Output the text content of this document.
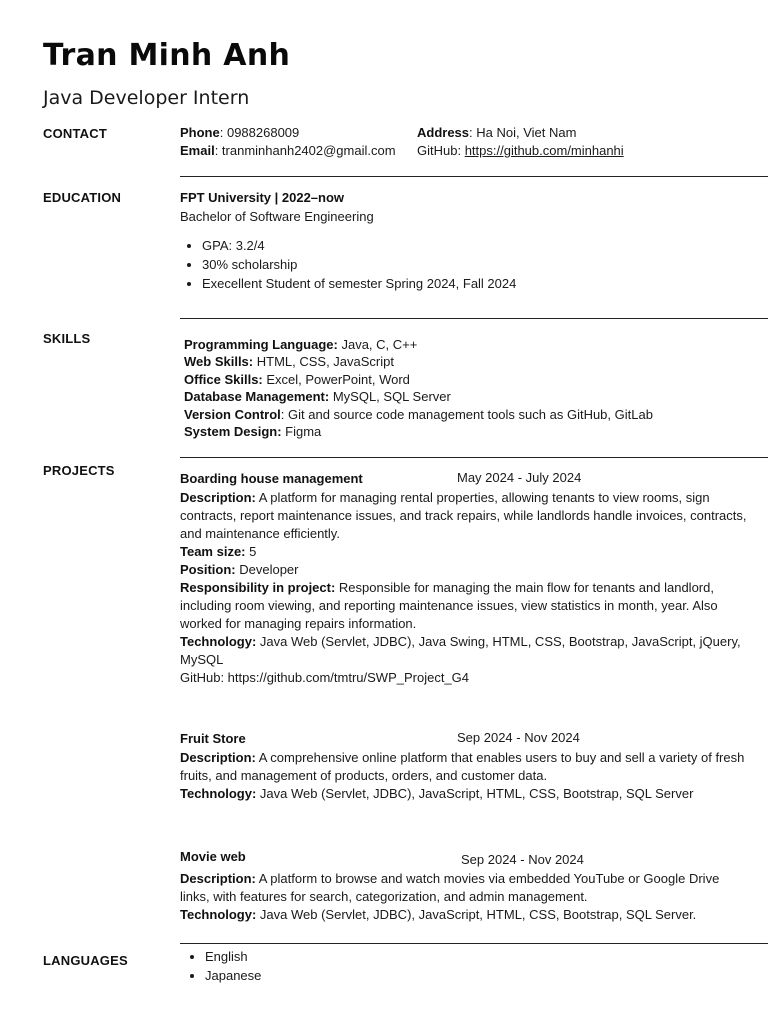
Tran Minh Anh
Java Developer Intern
CONTACT	Phone: 0988268009
Email: tranminhanh2402@gmail.com
Address: Ha Noi, Viet Nam
GitHub: https://github.com/minhanhi
EDUCATION	FPT University | 2022–now
Bachelor of Software Engineering
• GPA: 3.2/4
• 30% scholarship
• Execellent Student of semester Spring 2024, Fall 2024
SKILLS	Programming Language: Java, C, C++
Web Skills: HTML, CSS, JavaScript
Office Skills: Excel, PowerPoint, Word
Database Management: MySQL, SQL Server
Version Control: Git and source code management tools such as GitHub, GitLab
System Design: Figma
PROJECTS
Boarding house management	May 2024 - July 2024
Description: A platform for managing rental properties, allowing tenants to view rooms, sign contracts, report maintenance issues, and track repairs, while landlords handle invoices, contracts, and maintenance efficiently.
Team size: 5
Position: Developer
Responsibility in project: Responsible for managing the main flow for tenants and landlord, including room viewing, and reporting maintenance issues, view statistics in month, year. Also worked for managing repairs information.
Technology: Java Web (Servlet, JDBC), Java Swing, HTML, CSS, Bootstrap, JavaScript, jQuery, MySQL
GitHub: https://github.com/tmtru/SWP_Project_G4
Fruit Store	Sep 2024 - Nov 2024
Description: A comprehensive online platform that enables users to buy and sell a variety of fresh fruits, and management of products, orders, and customer data.
Technology: Java Web (Servlet, JDBC), JavaScript, HTML, CSS, Bootstrap, SQL Server
Movie web	Sep 2024 - Nov 2024
Description: A platform to browse and watch movies via embedded YouTube or Google Drive links, with features for search, categorization, and admin management.
Technology: Java Web (Servlet, JDBC), JavaScript, HTML, CSS, Bootstrap, SQL Server.
LANGUAGES
•	English
• Japanese
